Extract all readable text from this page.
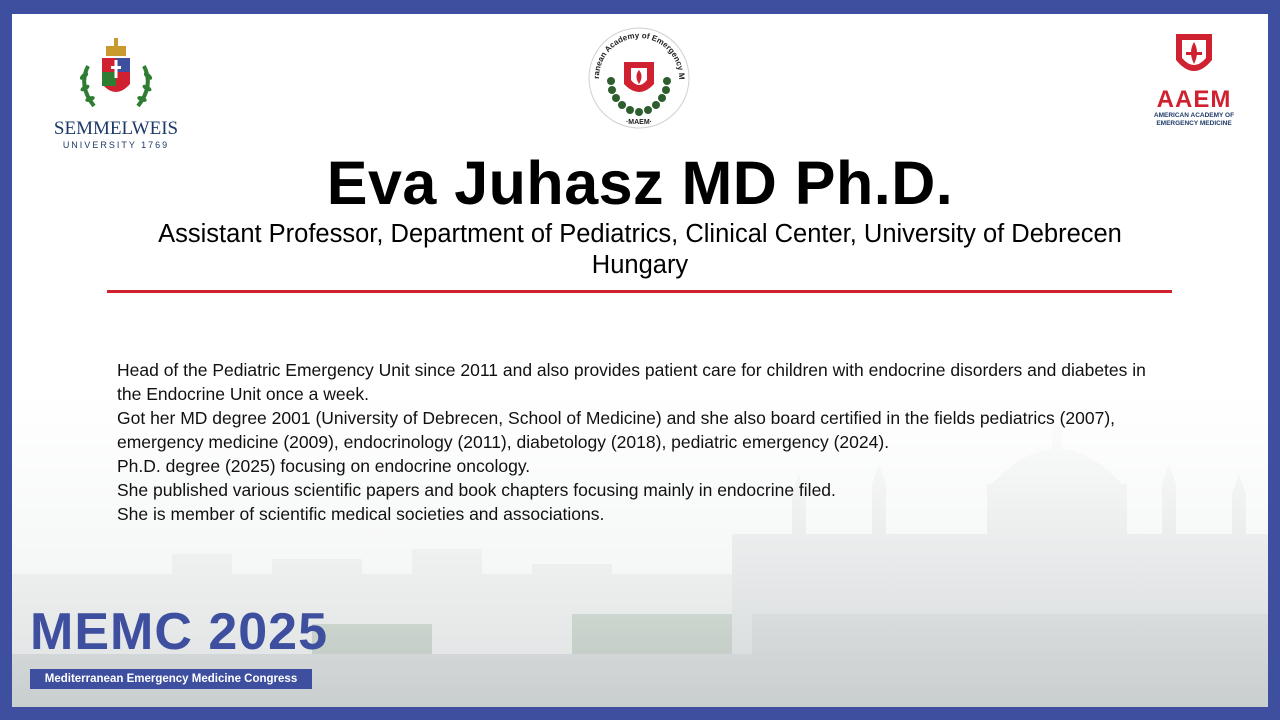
SEMMELWEIS
UNIVERSITY 1769
ranean Academy of Emergency M
·MAEM·
AAEM
AMERICAN ACADEMY OF
EMERGENCY MEDICINE
Eva Juhasz MD Ph.D.
Assistant Professor, Department of Pediatrics, Clinical Center, University of Debrecen
Hungary

Head of the Pediatric Emergency Unit since 2011 and also provides patient care for children with endocrine disorders and diabetes in the Endocrine Unit once a week.

Got her MD degree 2001 (University of Debrecen, School of Medicine) and she also board certified in the fields pediatrics (2007), emergency medicine (2009), endocrinology (2011), diabetology (2018), pediatric emergency (2024).

Ph.D. degree (2025) focusing on endocrine oncology.

She published various scientific papers and book chapters focusing mainly in endocrine filed.

She is member of scientific medical societies and associations.

MEMC 2025
Mediterranean Emergency Medicine Congress
